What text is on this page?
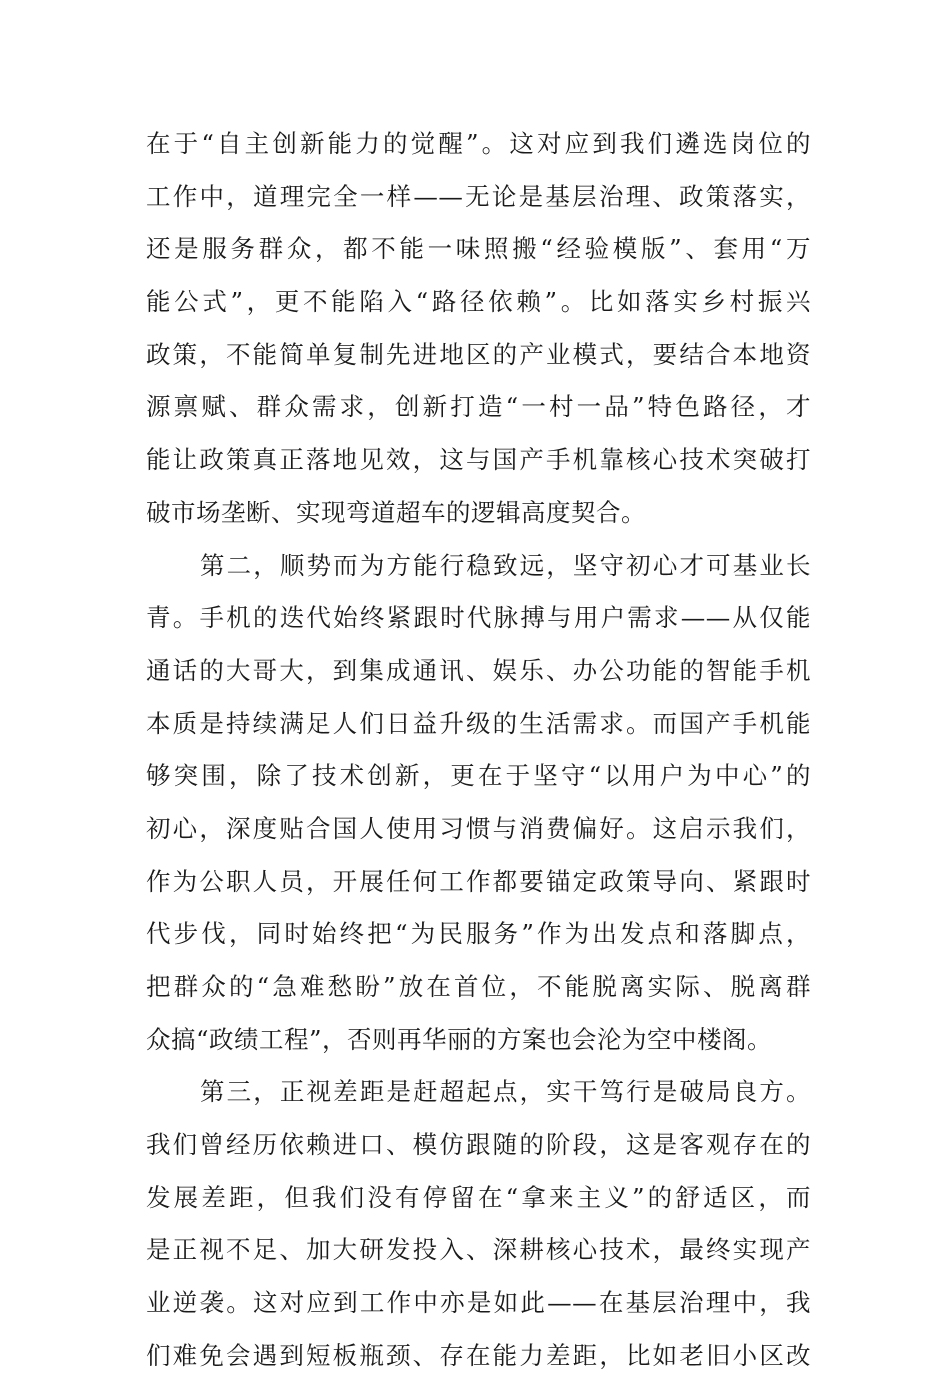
在于“自主创新能力的觉醒”。这对应到我们遴选岗位的
工作中，道理完全一样——无论是基层治理、政策落实，
还是服务群众，都不能一味照搬“经验模版”、套用“万
能公式”，更不能陷入“路径依赖”。比如落实乡村振兴
政策，不能简单复制先进地区的产业模式，要结合本地资
源禀赋、群众需求，创新打造“一村一品”特色路径，才
能让政策真正落地见效，这与国产手机靠核心技术突破打
破市场垄断、实现弯道超车的逻辑高度契合。
第二，顺势而为方能行稳致远，坚守初心才可基业长
青。手机的迭代始终紧跟时代脉搏与用户需求——从仅能
通话的大哥大，到集成通讯、娱乐、办公功能的智能手机
本质是持续满足人们日益升级的生活需求。而国产手机能
够突围，除了技术创新，更在于坚守“以用户为中心”的
初心，深度贴合国人使用习惯与消费偏好。这启示我们，
作为公职人员，开展任何工作都要锚定政策导向、紧跟时
代步伐，同时始终把“为民服务”作为出发点和落脚点，
把群众的“急难愁盼”放在首位，不能脱离实际、脱离群
众搞“政绩工程”，否则再华丽的方案也会沦为空中楼阁。
第三，正视差距是赶超起点，实干笃行是破局良方。
我们曾经历依赖进口、模仿跟随的阶段，这是客观存在的
发展差距，但我们没有停留在“拿来主义”的舒适区，而
是正视不足、加大研发投入、深耕核心技术，最终实现产
业逆袭。这对应到工作中亦是如此——在基层治理中，我
们难免会遇到短板瓶颈、存在能力差距，比如老旧小区改
